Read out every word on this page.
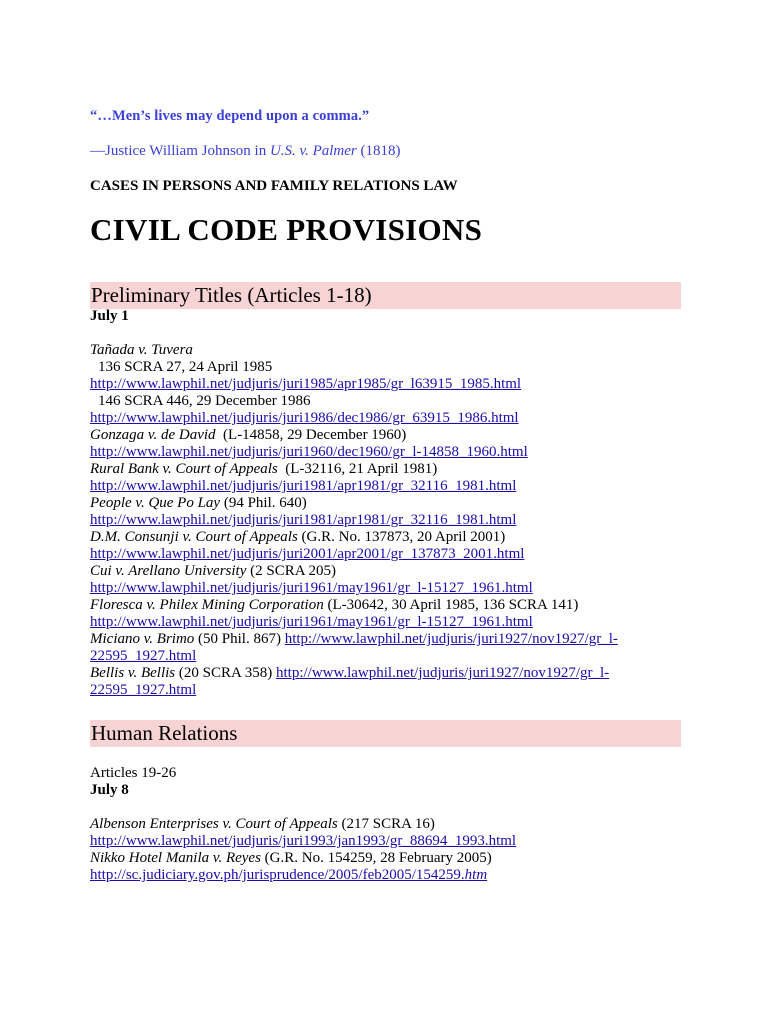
“…Men’s lives may depend upon a comma.”
—Justice William Johnson in U.S. v. Palmer (1818)
CASES IN PERSONS AND FAMILY RELATIONS LAW
CIVIL CODE PROVISIONS
Preliminary Titles (Articles 1-18)
July 1
Tañada v. Tuvera
136 SCRA 27, 24 April 1985
http://www.lawphil.net/judjuris/juri1985/apr1985/gr_l63915_1985.html
146 SCRA 446, 29 December 1986
http://www.lawphil.net/judjuris/juri1986/dec1986/gr_63915_1986.html
Gonzaga v. de David  (L-14858, 29 December 1960)
http://www.lawphil.net/judjuris/juri1960/dec1960/gr_l-14858_1960.html
Rural Bank v. Court of Appeals  (L-32116, 21 April 1981)
http://www.lawphil.net/judjuris/juri1981/apr1981/gr_32116_1981.html
People v. Que Po Lay (94 Phil. 640)
http://www.lawphil.net/judjuris/juri1981/apr1981/gr_32116_1981.html
D.M. Consunji v. Court of Appeals (G.R. No. 137873, 20 April 2001)
http://www.lawphil.net/judjuris/juri2001/apr2001/gr_137873_2001.html
Cui v. Arellano University (2 SCRA 205)
http://www.lawphil.net/judjuris/juri1961/may1961/gr_l-15127_1961.html
Floresca v. Philex Mining Corporation (L-30642, 30 April 1985, 136 SCRA 141)
http://www.lawphil.net/judjuris/juri1961/may1961/gr_l-15127_1961.html
Miciano v. Brimo (50 Phil. 867) http://www.lawphil.net/judjuris/juri1927/nov1927/gr_l-
22595_1927.html
Bellis v. Bellis (20 SCRA 358) http://www.lawphil.net/judjuris/juri1927/nov1927/gr_l-
22595_1927.html
Human Relations
Articles 19-26
July 8
Albenson Enterprises v. Court of Appeals (217 SCRA 16)
http://www.lawphil.net/judjuris/juri1993/jan1993/gr_88694_1993.html
Nikko Hotel Manila v. Reyes (G.R. No. 154259, 28 February 2005)
http://sc.judiciary.gov.ph/jurisprudence/2005/feb2005/154259.htm
